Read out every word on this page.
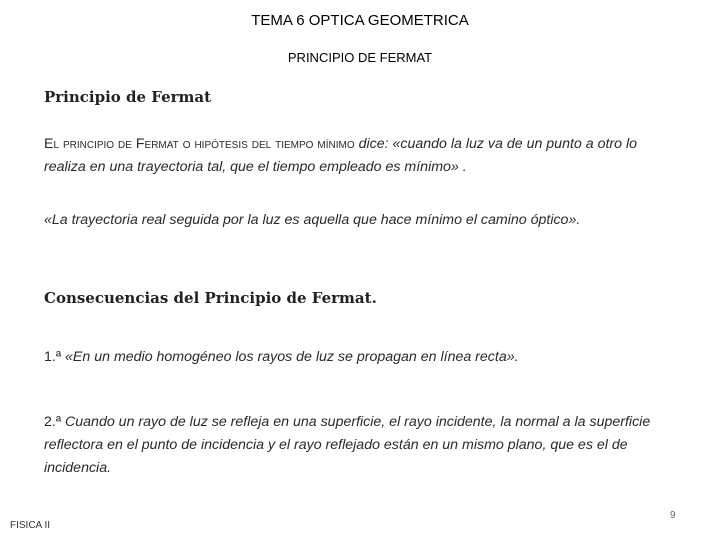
TEMA 6 OPTICA GEOMETRICA
PRINCIPIO DE FERMAT
Principio de Fermat
El principio de Fermat o hipótesis del tiempo mínimo dice: «cuando la luz va de un punto a otro lo realiza en una trayectoria tal, que el tiempo empleado es mínimo» .
«La trayectoria real seguida por la luz es aquella que hace mínimo el camino óptico».
Consecuencias del Principio de Fermat.
1.ª «En un medio homogéneo los rayos de luz se propagan en línea recta».
2.ª Cuando un rayo de luz se refleja en una superficie, el rayo incidente, la normal a la superficie reflectora en el punto de incidencia y el rayo reflejado están en un mismo plano, que es el de incidencia.
FISICA II
9
